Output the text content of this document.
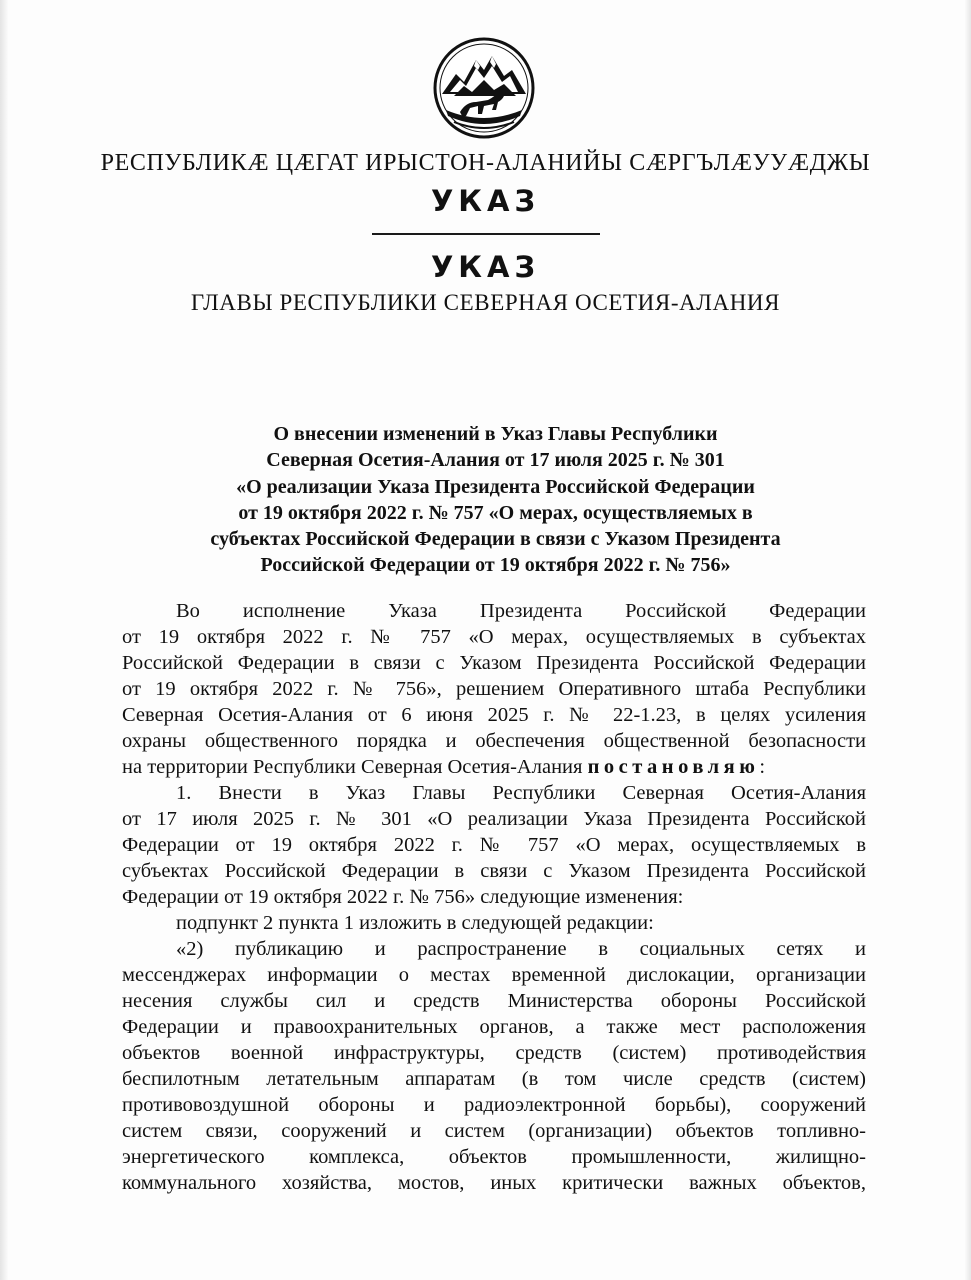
РЕСПУБЛИКӔ ЦӔГАТ ИРЫСТОН-АЛАНИЙЫ СӔРГЪЛӔУУӔДЖЫ
УКАЗ
УКАЗ
ГЛАВЫ РЕСПУБЛИКИ СЕВЕРНАЯ ОСЕТИЯ-АЛАНИЯ
О внесении изменений в Указ Главы Республики
Северная Осетия-Алания от 17 июля 2025 г. № 301
«О реализации Указа Президента Российской Федерации
от 19 октября 2022 г. № 757 «О мерах, осуществляемых в
субъектах Российской Федерации в связи с Указом Президента
Российской Федерации от 19 октября 2022 г. № 756»
Во исполнение Указа Президента Российской Федерации
от 19 октября 2022 г. № 757 «О мерах, осуществляемых в субъектах
Российской Федерации в связи с Указом Президента Российской Федерации
от 19 октября 2022 г. № 756», решением Оперативного штаба Республики
Северная Осетия-Алания от 6 июня 2025 г. № 22-1.23, в целях усиления
охраны общественного порядка и обеспечения общественной безопасности
на территории Республики Северная Осетия-Алания постановляю:
1. Внести в Указ Главы Республики Северная Осетия-Алания
от 17 июля 2025 г. № 301 «О реализации Указа Президента Российской
Федерации от 19 октября 2022 г. № 757 «О мерах, осуществляемых в
субъектах Российской Федерации в связи с Указом Президента Российской
Федерации от 19 октября 2022 г. № 756» следующие изменения:
подпункт 2 пункта 1 изложить в следующей редакции:
«2) публикацию и распространение в социальных сетях и
мессенджерах информации о местах временной дислокации, организации
несения службы сил и средств Министерства обороны Российской
Федерации и правоохранительных органов, а также мест расположения
объектов военной инфраструктуры, средств (систем) противодействия
беспилотным летательным аппаратам (в том числе средств (систем)
противовоздушной обороны и радиоэлектронной борьбы), сооружений
систем связи, сооружений и систем (организации) объектов топливно-
энергетического комплекса, объектов промышленности, жилищно-
коммунального хозяйства, мостов, иных критически важных объектов,
